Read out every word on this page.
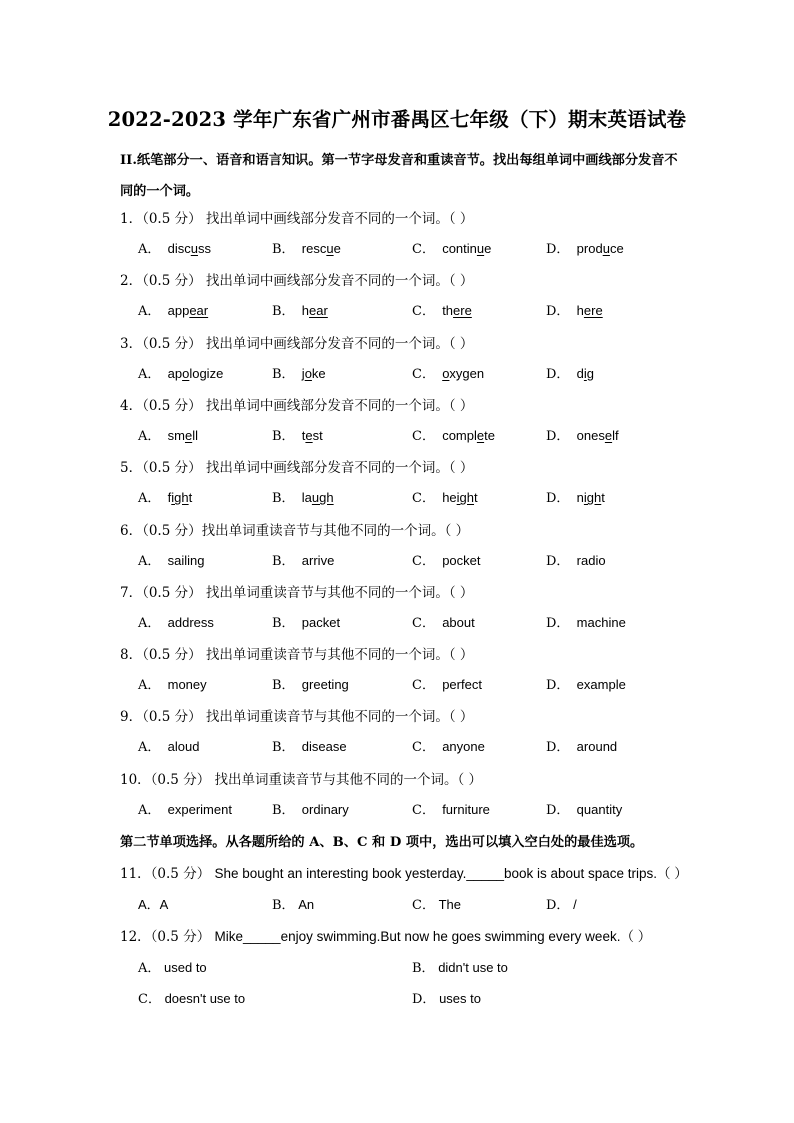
2022-2023 学年广东省广州市番禺区七年级（下）期末英语试卷
II.纸笔部分一、语音和语言知识。第一节字母发音和重读音节。找出每组单词中画线部分发音不同的一个词。
1．（0.5 分） 找出单词中画线部分发音不同的一个词。（ ）
A． discuss	B． rescue	C． continue	D． produce
2．（0.5 分） 找出单词中画线部分发音不同的一个词。（ ）
A． appear	B． hear	C． there	D． here
3．（0.5 分） 找出单词中画线部分发音不同的一个词。（ ）
A． apologize	B． joke	C． oxygen	D． dig
4．（0.5 分） 找出单词中画线部分发音不同的一个词。（ ）
A． smell	B． test	C． complete	D． oneself
5．（0.5 分） 找出单词中画线部分发音不同的一个词。（ ）
A． fight	B． laugh	C． height	D． night
6．（0.5 分）找出单词重读音节与其他不同的一个词。（ ）
A． sailing	B． arrive	C． pocket	D． radio
7．（0.5 分） 找出单词重读音节与其他不同的一个词。（ ）
A． address	B． packet	C． about	D． machine
8．（0.5 分） 找出单词重读音节与其他不同的一个词。（ ）
A． money	B． greeting	C． perfect	D． example
9．（0.5 分） 找出单词重读音节与其他不同的一个词。（ ）
A． aloud	B． disease	C． anyone	D． around
10．（0.5 分） 找出单词重读音节与其他不同的一个词。（ ）
A． experiment	B． ordinary	C． furniture	D． quantity
第二节单项选择。从各题所给的 A、B、C 和 D 项中，选出可以填入空白处的最佳选项。
11．（0.5 分） She bought an interesting book yesterday._____book is about space trips.（ ）
A．A	B． An	C． The	D． /
12．（0.5 分） Mike_____enjoy swimming.But now he goes swimming every week.（ ）
A． used to	B． didn't use to
C． doesn't use to	D． uses to
